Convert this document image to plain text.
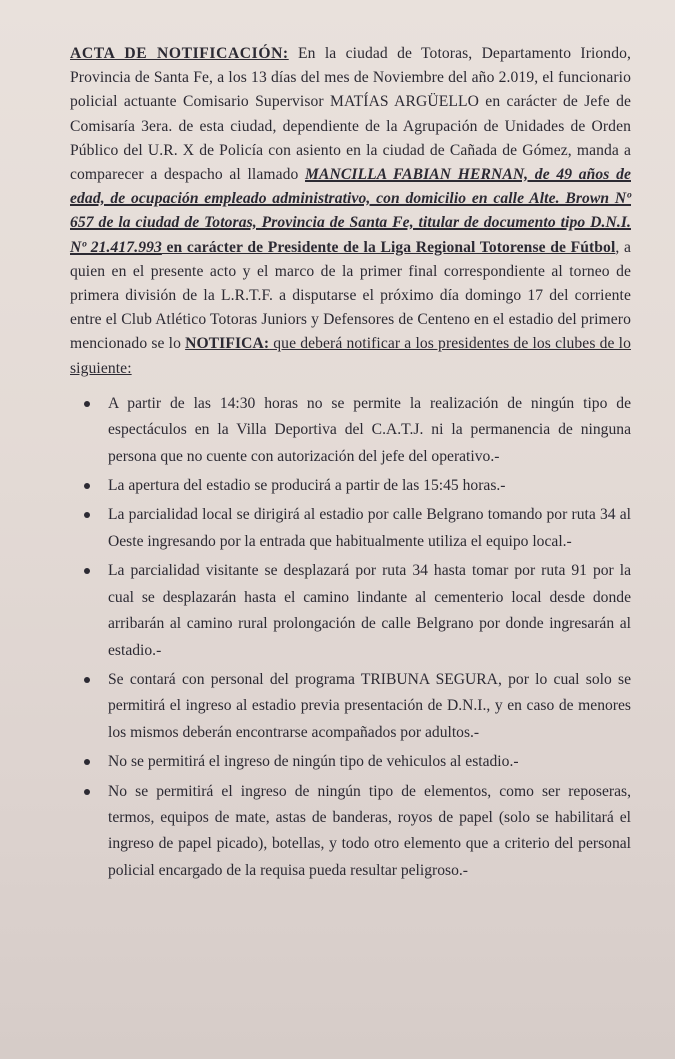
ACTA DE NOTIFICACIÓN: En la ciudad de Totoras, Departamento Iriondo, Provincia de Santa Fe, a los 13 días del mes de Noviembre del año 2.019, el funcionario policial actuante Comisario Supervisor MATÍAS ARGÜELLO en carácter de Jefe de Comisaría 3era. de esta ciudad, dependiente de la Agrupación de Unidades de Orden Público del U.R. X de Policía con asiento en la ciudad de Cañada de Gómez, manda a comparecer a despacho al llamado MANCILLA FABIAN HERNAN, de 49 años de edad, de ocupación empleado administrativo, con domicilio en calle Alte. Brown Nº 657 de la ciudad de Totoras, Provincia de Santa Fe, titular de documento tipo D.N.I. Nº 21.417.993 en carácter de Presidente de la Liga Regional Totorense de Fútbol, a quien en el presente acto y el marco de la primer final correspondiente al torneo de primera división de la L.R.T.F. a disputarse el próximo día domingo 17 del corriente entre el Club Atlético Totoras Juniors y Defensores de Centeno en el estadio del primero mencionado se lo NOTIFICA: que deberá notificar a los presidentes de los clubes de lo siguiente:

A partir de las 14:30 horas no se permite la realización de ningún tipo de espectáculos en la Villa Deportiva del C.A.T.J. ni la permanencia de ninguna persona que no cuente con autorización del jefe del operativo.-
La apertura del estadio se producirá a partir de las 15:45 horas.-
La parcialidad local se dirigirá al estadio por calle Belgrano tomando por ruta 34 al Oeste ingresando por la entrada que habitualmente utiliza el equipo local.-
La parcialidad visitante se desplazará por ruta 34 hasta tomar por ruta 91 por la cual se desplazarán hasta el camino lindante al cementerio local desde donde arribarán al camino rural prolongación de calle Belgrano por donde ingresarán al estadio.-
Se contará con personal del programa TRIBUNA SEGURA, por lo cual solo se permitirá el ingreso al estadio previa presentación de D.N.I., y en caso de menores los mismos deberán encontrarse acompañados por adultos.-
No se permitirá el ingreso de ningún tipo de vehiculos al estadio.-
No se permitirá el ingreso de ningún tipo de elementos, como ser reposeras, termos, equipos de mate, astas de banderas, royos de papel (solo se habilitará el ingreso de papel picado), botellas, y todo otro elemento que a criterio del personal policial encargado de la requisa pueda resultar peligroso.-
